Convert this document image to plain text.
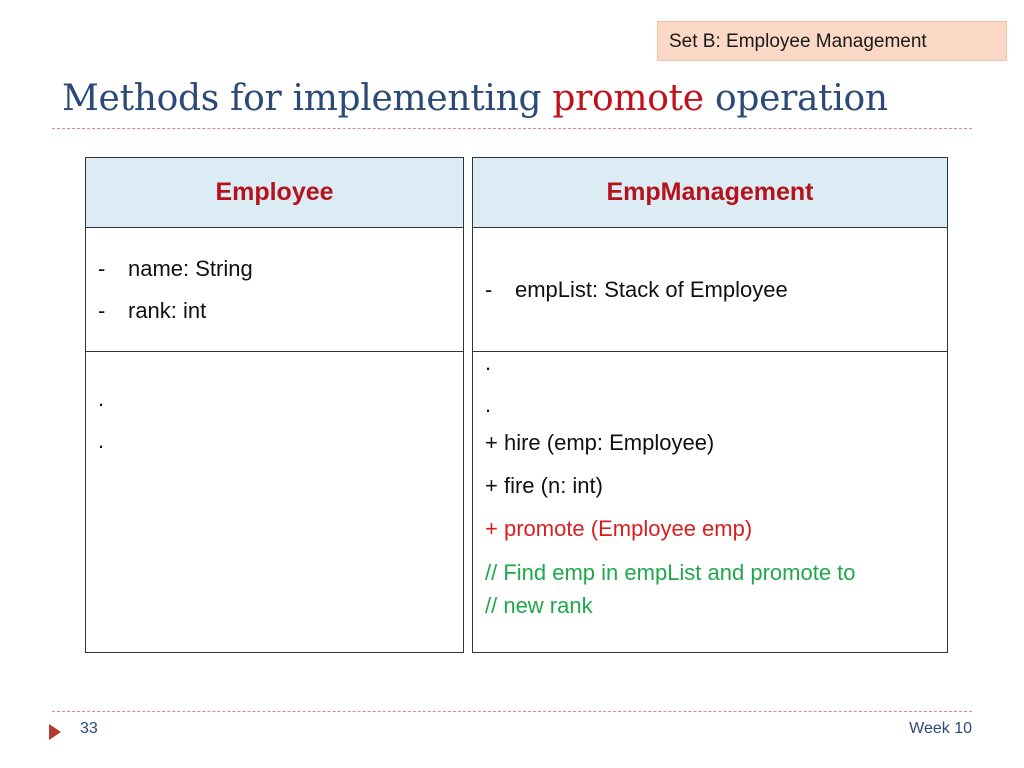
Set B: Employee Management
Methods for implementing promote operation
Employee
- name: String
- rank: int
.
.
EmpManagement
- empList: Stack of Employee
.
.
+ hire (emp: Employee)
+ fire (n: int)
+ promote (Employee emp)
// Find emp in empList and promote to
// new rank
33	Week 10
